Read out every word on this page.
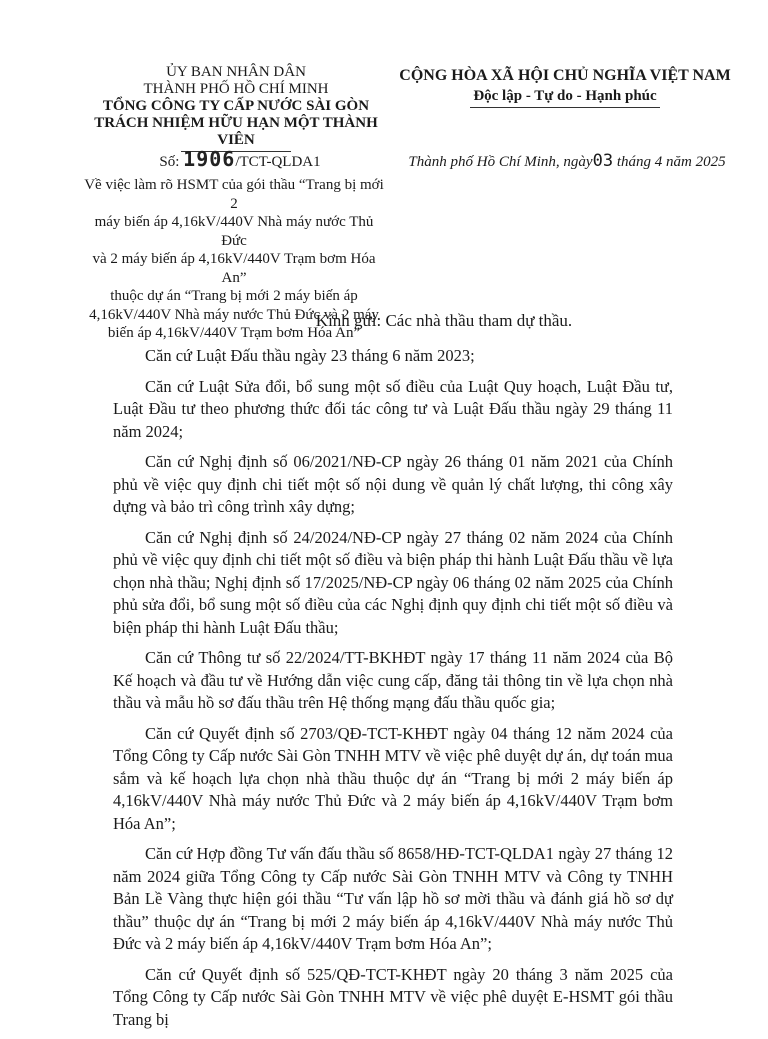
ỦY BAN NHÂN DÂN
THÀNH PHỐ HỒ CHÍ MINH
TỔNG CÔNG TY CẤP NƯỚC SÀI GÒN
TRÁCH NHIỆM HỮU HẠN MỘT THÀNH VIÊN
CỘNG HÒA XÃ HỘI CHỦ NGHĨA VIỆT NAM
Độc lập - Tự do - Hạnh phúc
Số: 1906/TCT-QLDA1	Thành phố Hồ Chí Minh, ngày03 tháng 4 năm 2025
Về việc làm rõ HSMT của gói thầu “Trang bị mới 2
máy biến áp 4,16kV/440V Nhà máy nước Thủ Đức
và 2 máy biến áp 4,16kV/440V Trạm bơm Hóa An”
thuộc dự án “Trang bị mới 2 máy biến áp
4,16kV/440V Nhà máy nước Thủ Đức và 2 máy
biến áp 4,16kV/440V Trạm bơm Hóa An”
Kính gửi: Các nhà thầu tham dự thầu.

Căn cứ Luật Đấu thầu ngày 23 tháng 6 năm 2023;

Căn cứ Luật Sửa đổi, bổ sung một số điều của Luật Quy hoạch, Luật Đầu tư, Luật Đầu tư theo phương thức đối tác công tư và Luật Đấu thầu ngày 29 tháng 11 năm 2024;

Căn cứ Nghị định số 06/2021/NĐ-CP ngày 26 tháng 01 năm 2021 của Chính phủ về việc quy định chi tiết một số nội dung về quản lý chất lượng, thi công xây dựng và bảo trì công trình xây dựng;

Căn cứ Nghị định số 24/2024/NĐ-CP ngày 27 tháng 02 năm 2024 của Chính phủ về việc quy định chi tiết một số điều và biện pháp thi hành Luật Đấu thầu về lựa chọn nhà thầu; Nghị định số 17/2025/NĐ-CP ngày 06 tháng 02 năm 2025 của Chính phủ sửa đổi, bổ sung một số điều của các Nghị định quy định chi tiết một số điều và biện pháp thi hành Luật Đấu thầu;

Căn cứ Thông tư số 22/2024/TT-BKHĐT ngày 17 tháng 11 năm 2024 của Bộ Kế hoạch và đầu tư về Hướng dẫn việc cung cấp, đăng tải thông tin về lựa chọn nhà thầu và mẫu hồ sơ đấu thầu trên Hệ thống mạng đấu thầu quốc gia;

Căn cứ Quyết định số 2703/QĐ-TCT-KHĐT ngày 04 tháng 12 năm 2024 của Tổng Công ty Cấp nước Sài Gòn TNHH MTV về việc phê duyệt dự án, dự toán mua sắm và kế hoạch lựa chọn nhà thầu thuộc dự án “Trang bị mới 2 máy biến áp 4,16kV/440V Nhà máy nước Thủ Đức và 2 máy biến áp 4,16kV/440V Trạm bơm Hóa An”;

Căn cứ Hợp đồng Tư vấn đấu thầu số 8658/HĐ-TCT-QLDA1 ngày 27 tháng 12 năm 2024 giữa Tổng Công ty Cấp nước Sài Gòn TNHH MTV và Công ty TNHH Bản Lề Vàng thực hiện gói thầu “Tư vấn lập hồ sơ mời thầu và đánh giá hồ sơ dự thầu” thuộc dự án “Trang bị mới 2 máy biến áp 4,16kV/440V Nhà máy nước Thủ Đức và 2 máy biến áp 4,16kV/440V Trạm bơm Hóa An”;

Căn cứ Quyết định số 525/QĐ-TCT-KHĐT ngày 20 tháng 3 năm 2025 của Tổng Công ty Cấp nước Sài Gòn TNHH MTV về việc phê duyệt E-HSMT gói thầu Trang bị
